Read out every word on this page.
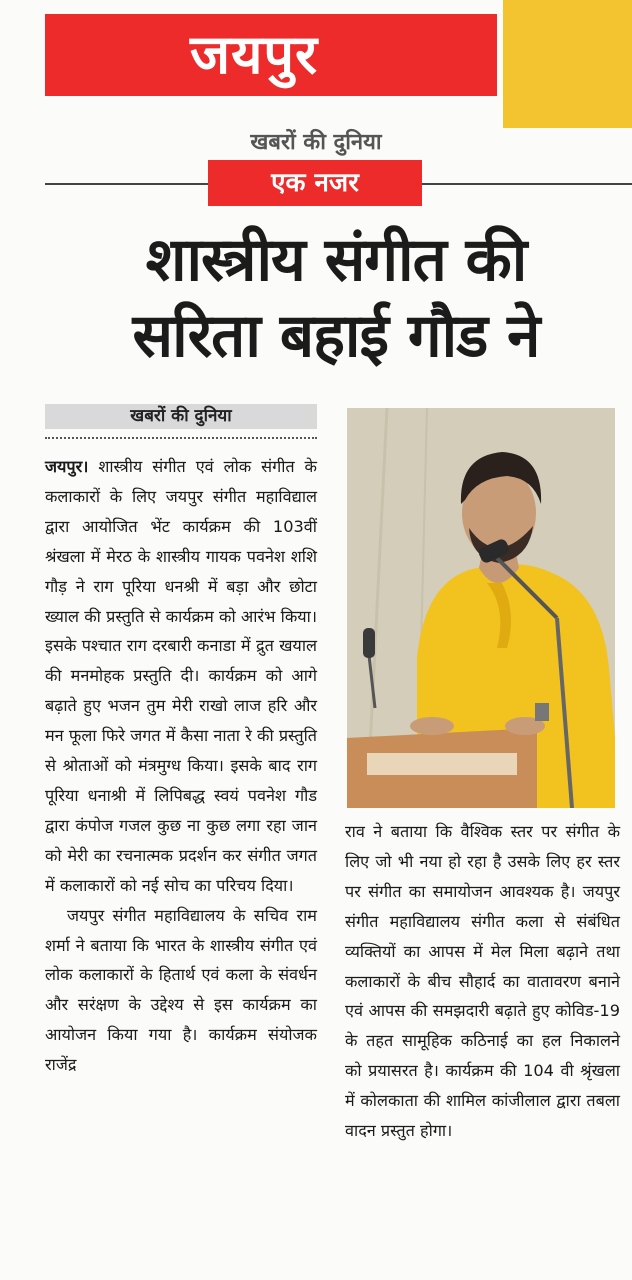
जयपुर
खबरों की दुनिया
एक नजर
शास्त्रीय संगीत की
सरिता बहाई गौड ने
खबरों की दुनिया

जयपुर। शास्त्रीय संगीत एवं लोक संगीत के कलाकारों के लिए जयपुर संगीत महाविद्याल द्वारा आयोजित भेंट कार्यक्रम की 103वीं श्रंखला में मेरठ के शास्त्रीय गायक पवनेश शशि गौड़ ने राग पूरिया धनश्री में बड़ा और छोटा ख्याल की प्रस्तुति से कार्यक्रम को आरंभ किया। इसके पश्चात राग दरबारी कनाडा में द्रुत खयाल की मनमोहक प्रस्तुति दी। कार्यक्रम को आगे बढ़ाते हुए भजन तुम मेरी राखो लाज हरि और मन फूला फिरे जगत में कैसा नाता रे की प्रस्तुति से श्रोताओं को मंत्रमुग्ध किया। इसके बाद राग पूरिया धनाश्री में लिपिबद्ध स्वयं पवनेश गौड द्वारा कंपोज गजल कुछ ना कुछ लगा रहा जान को मेरी का रचनात्मक प्रदर्शन कर संगीत जगत में कलाकारों को नई सोच का परिचय दिया।

जयपुर संगीत महाविद्यालय के सचिव राम शर्मा ने बताया कि भारत के शास्त्रीय संगीत एवं लोक कलाकारों के हितार्थ एवं कला के संवर्धन और सरंक्षण के उद्देश्य से इस कार्यक्रम का आयोजन किया गया है। कार्यक्रम संयोजक राजेंद्र

राव ने बताया कि वैश्विक स्तर पर संगीत के लिए जो भी नया हो रहा है उसके लिए हर स्तर पर संगीत का समायोजन आवश्यक है। जयपुर संगीत महाविद्यालय संगीत कला से संबंधित व्यक्तियों का आपस में मेल मिला बढ़ाने तथा कलाकारों के बीच सौहार्द का वातावरण बनाने एवं आपस की समझदारी बढ़ाते हुए कोविड-19 के तहत सामूहिक कठिनाई का हल निकालने को प्रयासरत है। कार्यक्रम की 104 वी श्रृंखला में कोलकाता की शामिल कांजीलाल द्वारा तबला वादन प्रस्तुत होगा।
